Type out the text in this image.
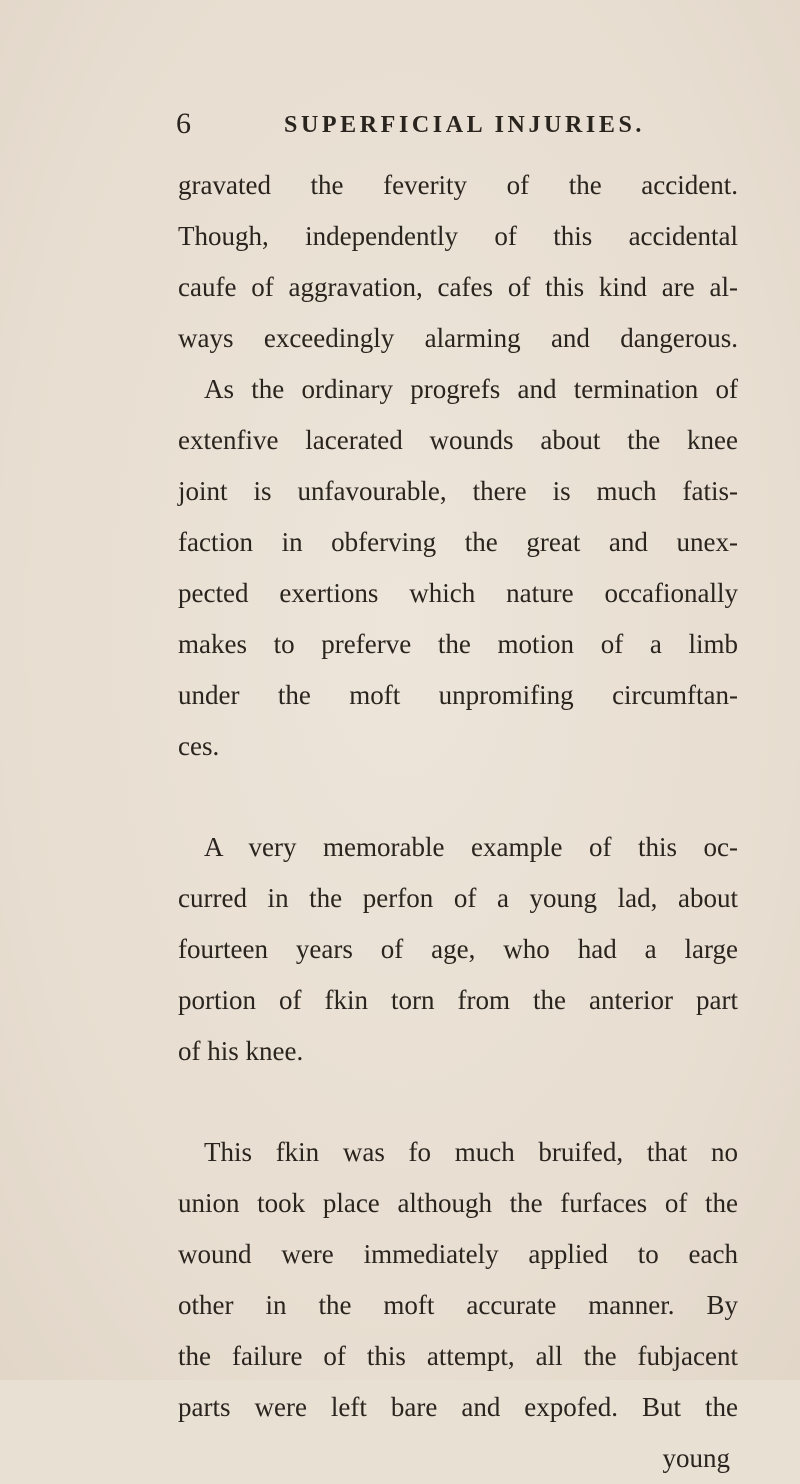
6	SUPERFICIAL INJURIES.
gravated the feverity of the accident.
Though, independently of this accidental
caufe of aggravation, cafes of this kind are al-
ways exceedingly alarming and dangerous.
As the ordinary progrefs and termination of
extenfive lacerated wounds about the knee
joint is unfavourable, there is much fatis-
faction in obferving the great and unex-
pected exertions which nature occafionally
makes to preferve the motion of a limb
under the moft unpromifing circumftan-
ces.
A very memorable example of this oc-
curred in the perfon of a young lad, about
fourteen years of age, who had a large
portion of fkin torn from the anterior part
of his knee.
This fkin was fo much bruifed, that no
union took place although the furfaces of the
wound were immediately applied to each
other in the moft accurate manner. By
the failure of this attempt, all the fubjacent
parts were left bare and expofed. But the
young
